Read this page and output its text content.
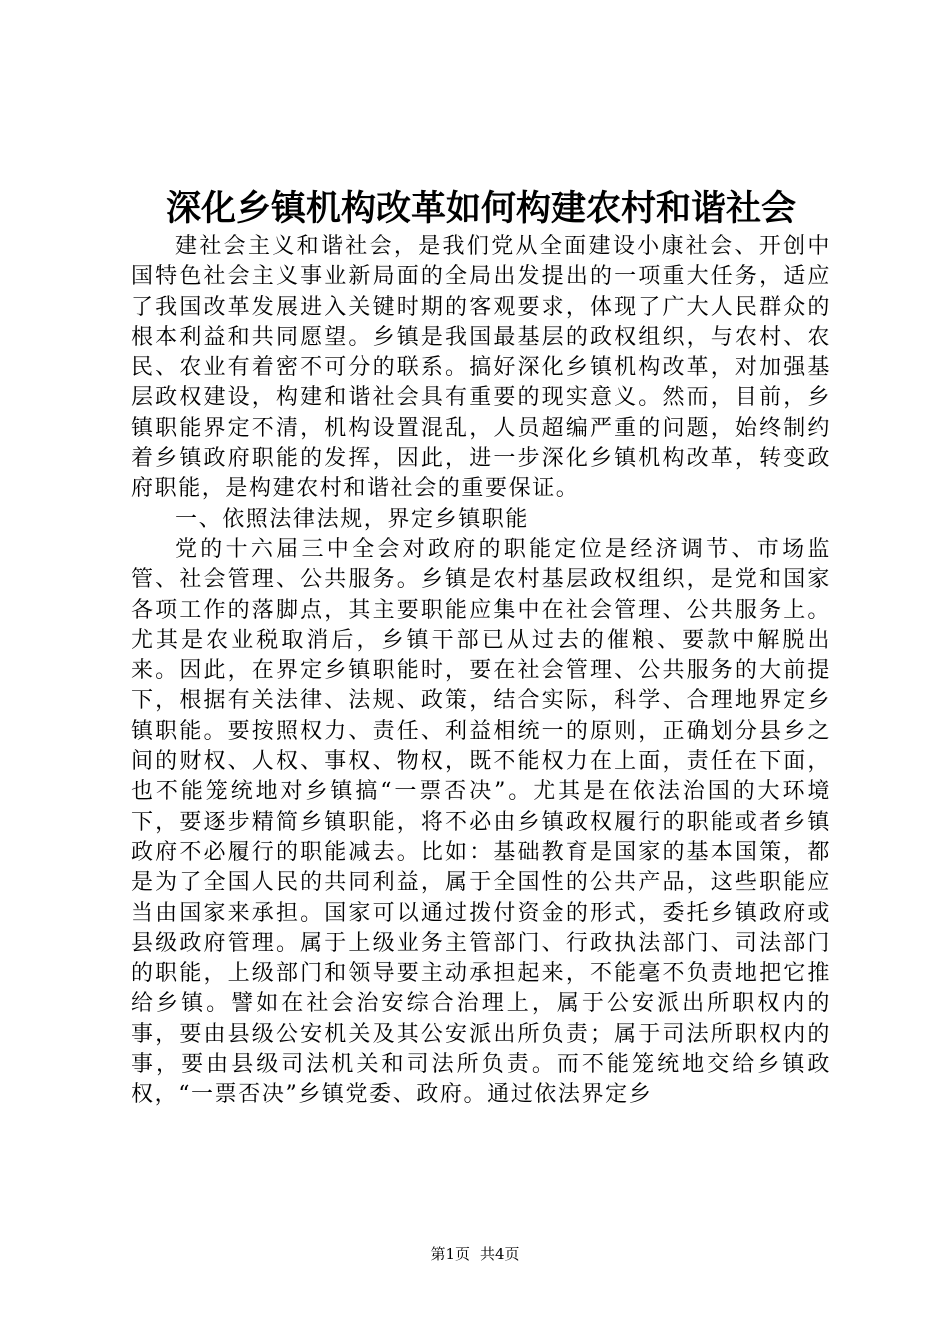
深化乡镇机构改革如何构建农村和谐社会

建社会主义和谐社会，是我们党从全面建设小康社会、开创中国特色社会主义事业新局面的全局出发提出的一项重大任务，适应了我国改革发展进入关键时期的客观要求，体现了广大人民群众的根本利益和共同愿望。乡镇是我国最基层的政权组织，与农村、农民、农业有着密不可分的联系。搞好深化乡镇机构改革，对加强基层政权建设，构建和谐社会具有重要的现实意义。然而，目前，乡镇职能界定不清，机构设置混乱，人员超编严重的问题，始终制约着乡镇政府职能的发挥，因此，进一步深化乡镇机构改革，转变政府职能，是构建农村和谐社会的重要保证。

一、依照法律法规，界定乡镇职能

党的十六届三中全会对政府的职能定位是经济调节、市场监管、社会管理、公共服务。乡镇是农村基层政权组织，是党和国家各项工作的落脚点，其主要职能应集中在社会管理、公共服务上。尤其是农业税取消后，乡镇干部已从过去的催粮、要款中解脱出来。因此，在界定乡镇职能时，要在社会管理、公共服务的大前提下，根据有关法律、法规、政策，结合实际，科学、合理地界定乡镇职能。要按照权力、责任、利益相统一的原则，正确划分县乡之间的财权、人权、事权、物权，既不能权力在上面，责任在下面，也不能笼统地对乡镇搞“一票否决”。尤其是在依法治国的大环境下，要逐步精简乡镇职能，将不必由乡镇政权履行的职能或者乡镇政府不必履行的职能减去。比如：基础教育是国家的基本国策，都是为了全国人民的共同利益，属于全国性的公共产品，这些职能应当由国家来承担。国家可以通过拨付资金的形式，委托乡镇政府或县级政府管理。属于上级业务主管部门、行政执法部门、司法部门的职能，上级部门和领导要主动承担起来，不能毫不负责地把它推给乡镇。譬如在社会治安综合治理上，属于公安派出所职权内的事，要由县级公安机关及其公安派出所负责；属于司法所职权内的事，要由县级司法机关和司法所负责。而不能笼统地交给乡镇政权，“一票否决”乡镇党委、政府。通过依法界定乡

第1页 共4页
